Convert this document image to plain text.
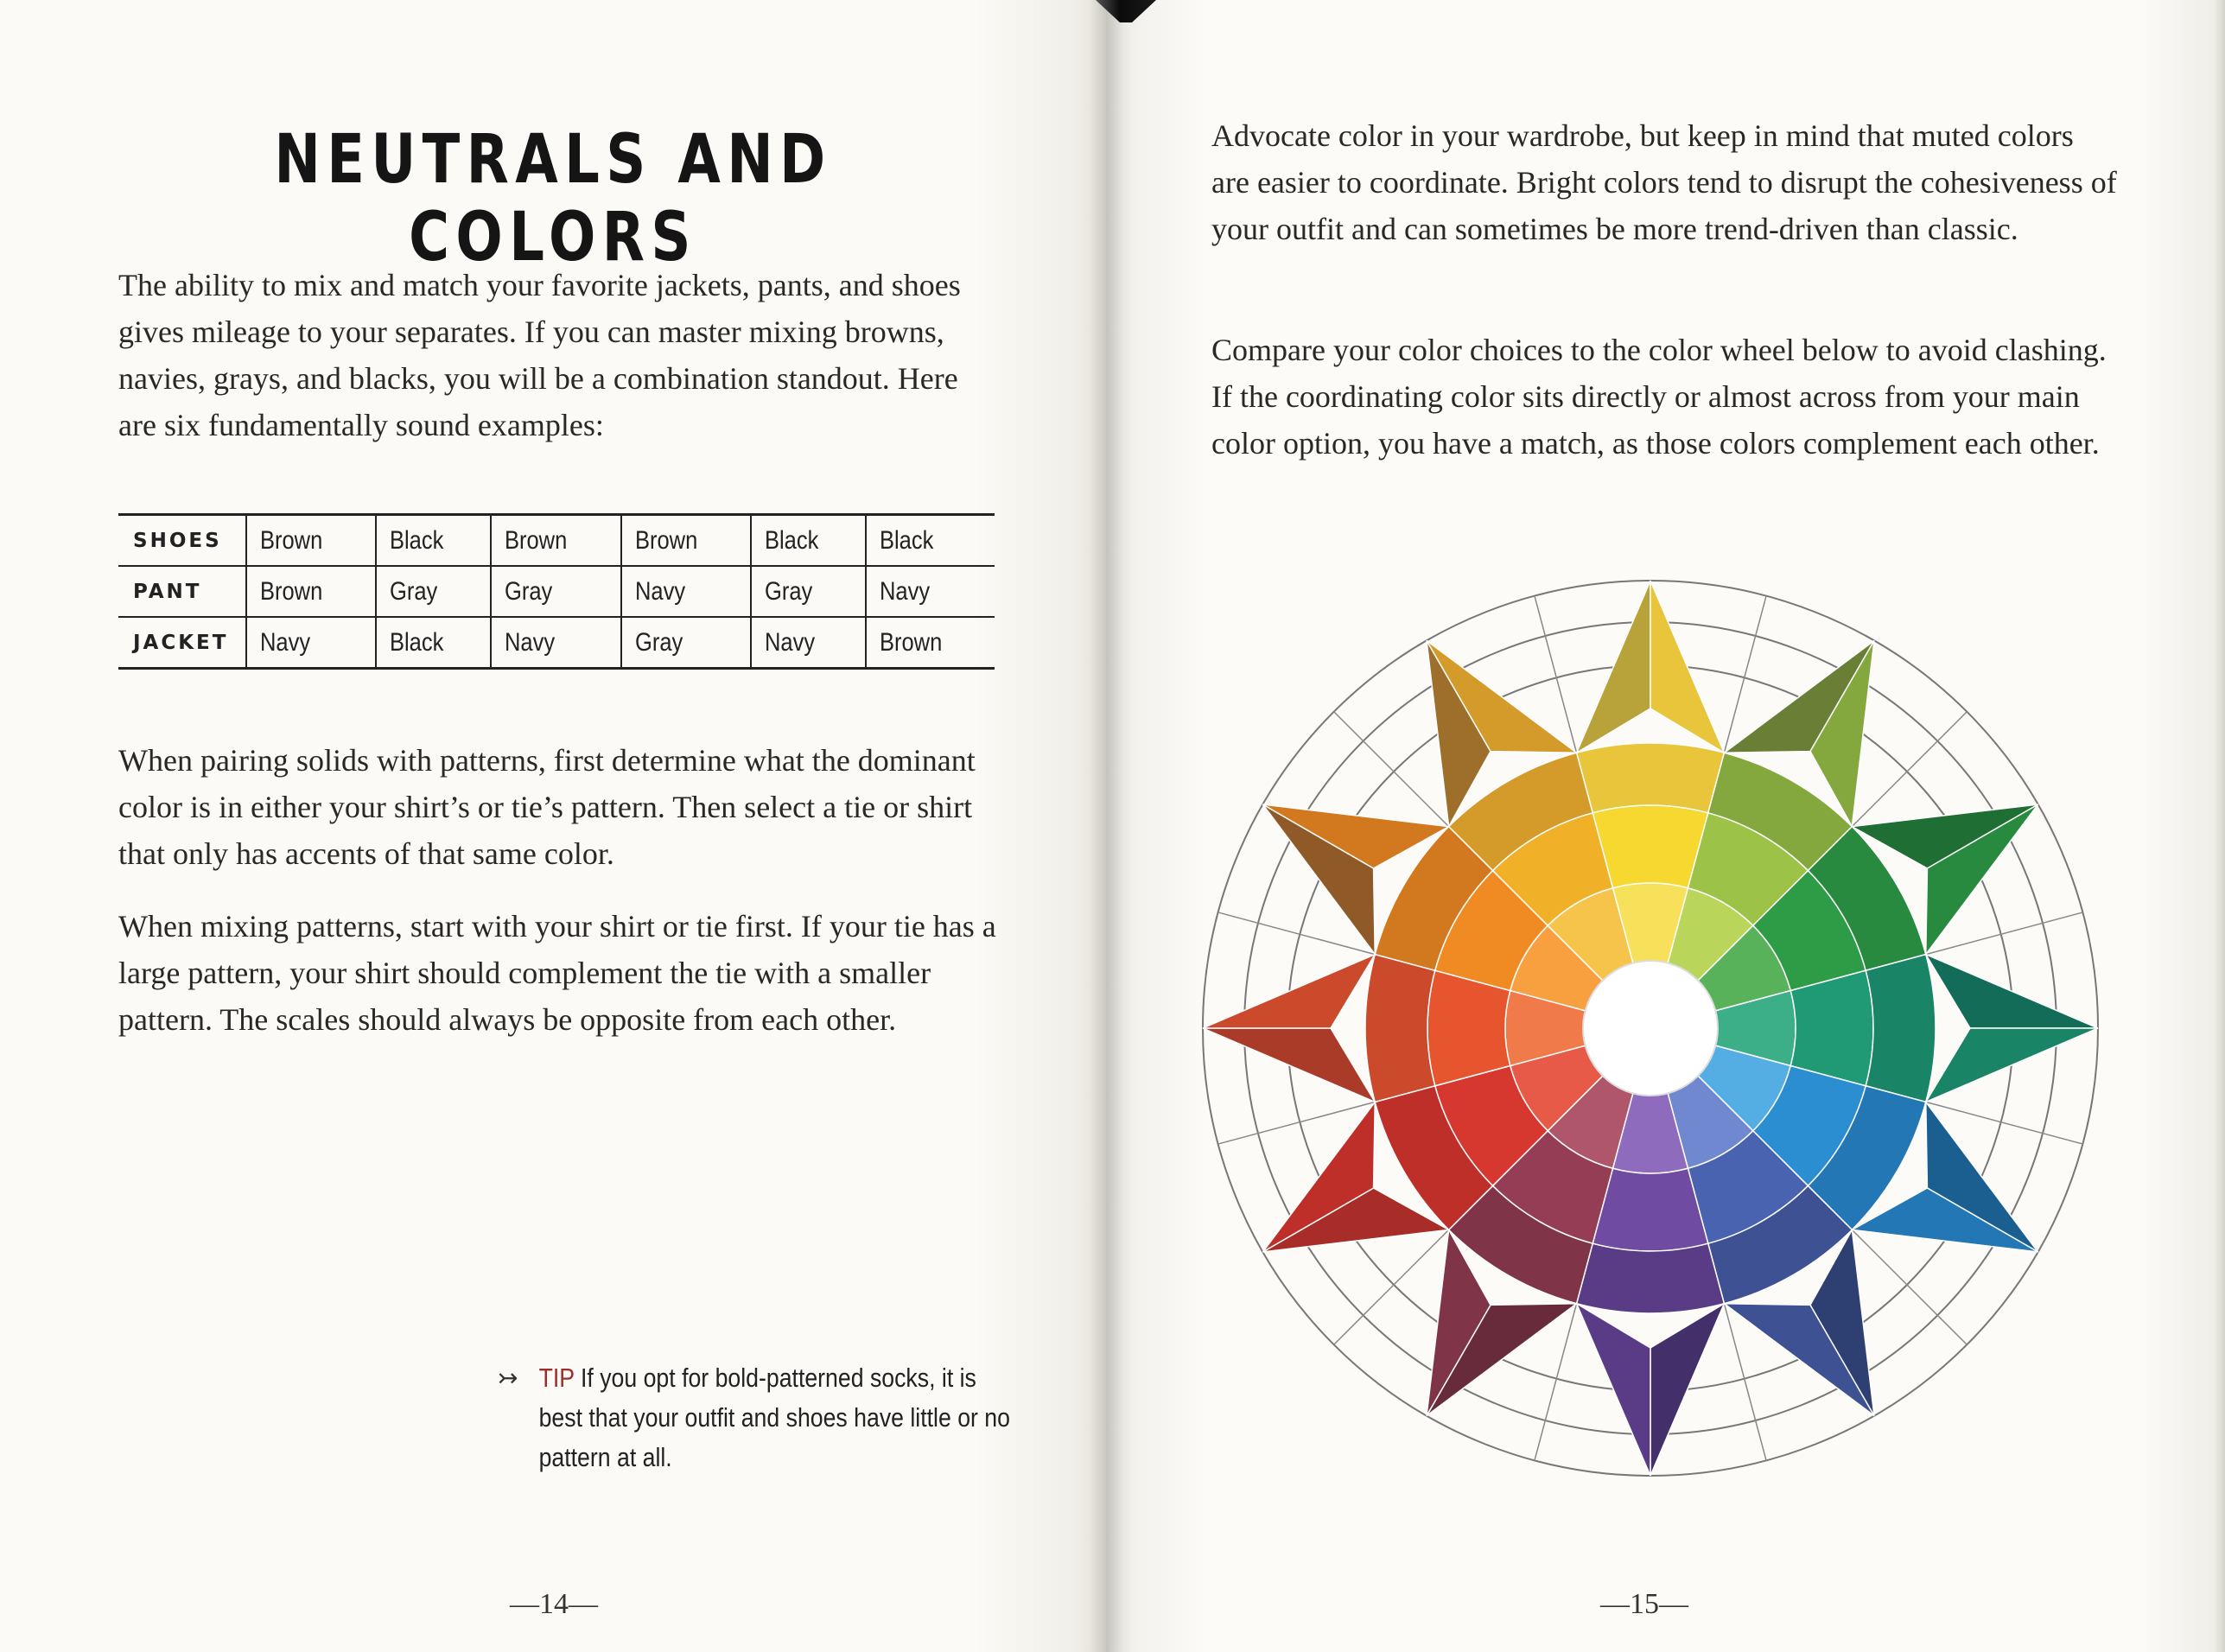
NEUTRALS AND COLORS

The ability to mix and match your favorite jackets, pants, and shoes gives mileage to your separates. If you can master mixing browns, navies, grays, and blacks, you will be a combination standout. Here are six fundamentally sound examples:

SHOES	Brown	Black	Brown	Brown	Black	Black
PANT	Brown	Gray	Gray	Navy	Gray	Navy
JACKET	Navy	Black	Navy	Gray	Navy	Brown

When pairing solids with patterns, first determine what the dominant color is in either your shirt’s or tie’s pattern. Then select a tie or shirt that only has accents of that same color.

When mixing patterns, start with your shirt or tie first. If your tie has a large pattern, your shirt should complement the tie with a smaller pattern. The scales should always be opposite from each other.

↣ TIP If you opt for bold-patterned socks, it is best that your outfit and shoes have little or no pattern at all.

—14—

Advocate color in your wardrobe, but keep in mind that muted colors are easier to coordinate. Bright colors tend to disrupt the cohesiveness of your outfit and can sometimes be more trend-driven than classic.

Compare your color choices to the color wheel below to avoid clashing. If the coordinating color sits directly or almost across from your main color option, you have a match, as those colors complement each other.

—15—
